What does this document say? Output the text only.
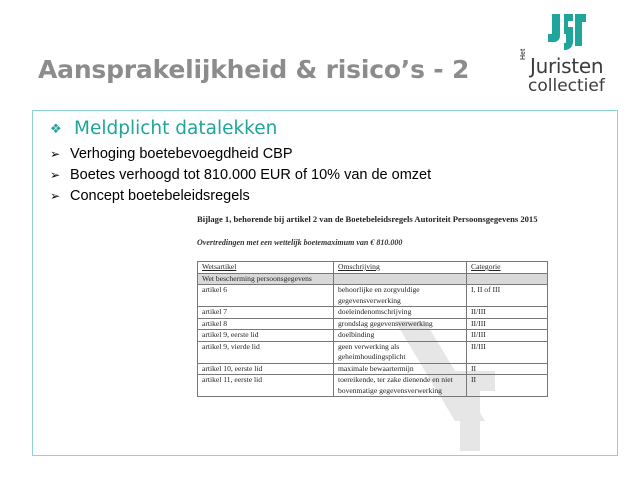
Aansprakelijkheid & risico’s - 2
Het Juristen
collectief
❖ Meldplicht datalekken
➢ Verhoging boetebevoegdheid CBP
➢ Boetes verhoogd tot 810.000 EUR of 10% van de omzet
➢ Concept boetebeleidsregels
Bijlage 1, behorende bij artikel 2 van de Boetebeleidsregels Autoriteit Persoonsgegevens 2015
Overtredingen met een wettelijk boetemaximum van € 810.000
Wetsartikel	Omschrijving	Categorie
Wet bescherming persoonsgegevens		
artikel 6	behoorlijke en zorgvuldige gegevensverwerking	I, II of III
artikel 7	doeleindenomschrijving	II/III
artikel 8	grondslag gegevensverwerking	II/III
artikel 9, eerste lid	doelbinding	II/III
artikel 9, vierde lid	geen verwerking als geheimhoudingsplicht	II/III
artikel 10, eerste lid	maximale bewaartermijn	II
artikel 11, eerste lid	toereikende, ter zake dienende en niet bovenmatige gegevensverwerking	II
